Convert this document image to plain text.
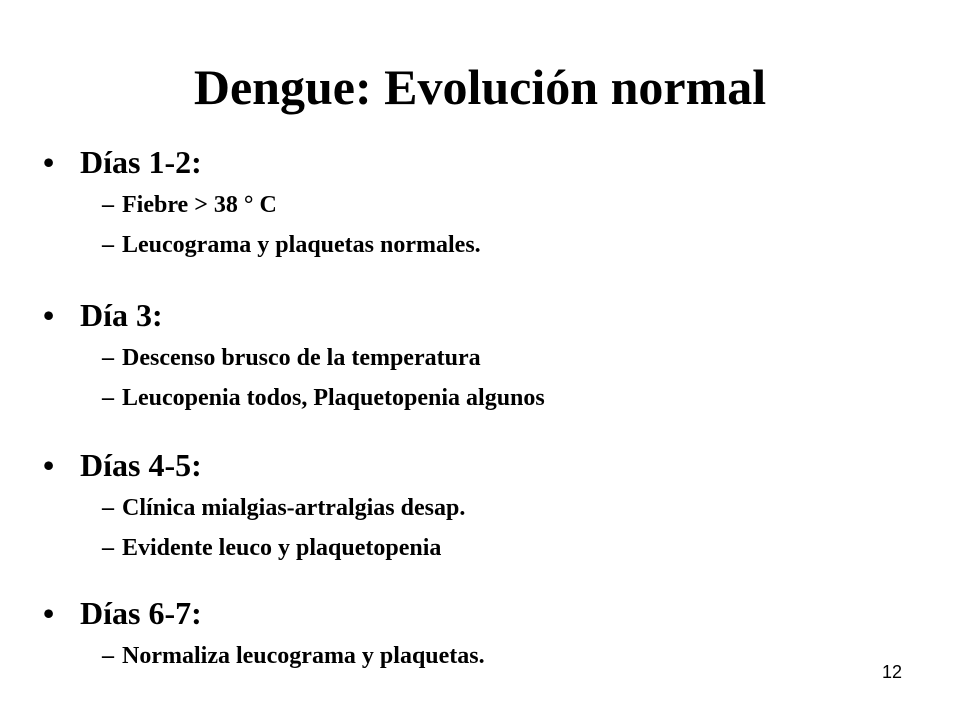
Dengue: Evolución normal
• Días 1-2:
– Fiebre > 38 ° C
– Leucograma y plaquetas normales.
• Día 3:
– Descenso brusco de la temperatura
– Leucopenia todos, Plaquetopenia algunos
• Días 4-5:
– Clínica mialgias-artralgias desap.
– Evidente leuco y plaquetopenia
• Días 6-7:
– Normaliza leucograma y plaquetas.
12
